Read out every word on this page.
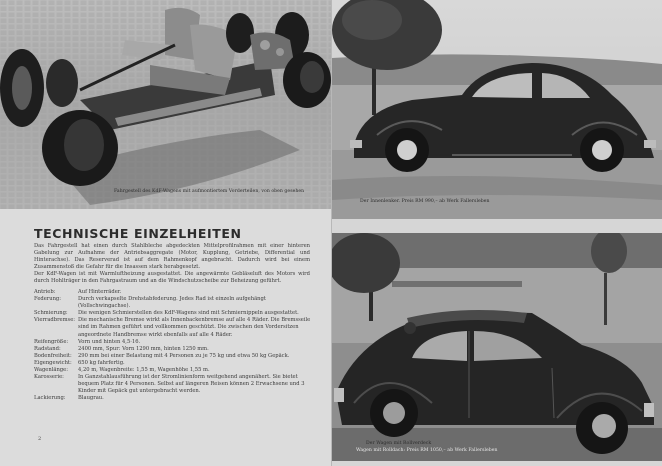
Fahrgestell des KdF-Wagens mit aufmontiertem Vorderteilen, von oben gesehen
TECHNISCHE EINZELHEITEN

Das Fahrgestell hat einen durch Stahlbleche abgedeckten Mittelprofilrahmen mit einer hinteren Gabelung zur Aufnahme der Antriebsaggregate (Motor, Kupplung, Getriebe, Differential und Hinterachse). Das Reserverad ist auf dem Rahmenkopf angebracht. Dadurch wird bei einem Zusammenstoß die Gefahr für die Insassen stark herabgesetzt.

Der KdF-Wagen ist mit Warmluftheizung ausgestattet. Die angewärmte Gebläseluft des Motors wird durch Hohlträger in den Fahrgastraum und an die Windschutzscheibe zur Beheizung geführt.

Antrieb:	Auf Hinterräder.
Federung:	Durch verkapselte Drehstabfederung. Jedes Rad ist einzeln aufgehängt (Vollschwingachse).
Schmierung:	Die wenigen Schmierstellen des KdF-Wagens sind mit Schmiernippeln ausgestattet.
Vierradbremse: Die mechanische Bremse wirkt als Innenbackenbremse auf alle 4 Räder. Die Bremsseile sind im Rahmen geführt und vollkommen geschützt. Die zwischen den Vordersitzen angeordnete Handbremse wirkt ebenfalls auf alle 4 Räder.
Reifengröße:	Vorn und hinten 4,5·16.
Radstand:	2400 mm, Spur: Vorn 1290 mm, hinten 1250 mm.
Bodenfreiheit:	290 mm bei einer Belastung mit 4 Personen zu je 75 kg und etwa 50 kg Gepäck.
Eigengewicht:	650 kg fahrfertig.
Wagenlänge:	4,20 m, Wagenbreite: 1,55 m, Wagenhöhe 1,55 m.
Karosserie:	In Ganzstahlausführung ist der Stromlinienform weitgehend angenähert. Sie bietet bequem Platz für 4 Personen. Selbst auf längeren Reisen können 2 Erwachsene und 3 Kinder mit Gepäck gut untergebracht werden.
Lackierung:	Blaugrau.
2
Der Innenlenker. Preis RM 990,– ab Werk Fallersleben
Der Wagen mit Rollverdeck
Wagen mit Rolldach: Preis RM 1050,– ab Werk Fallersleben
